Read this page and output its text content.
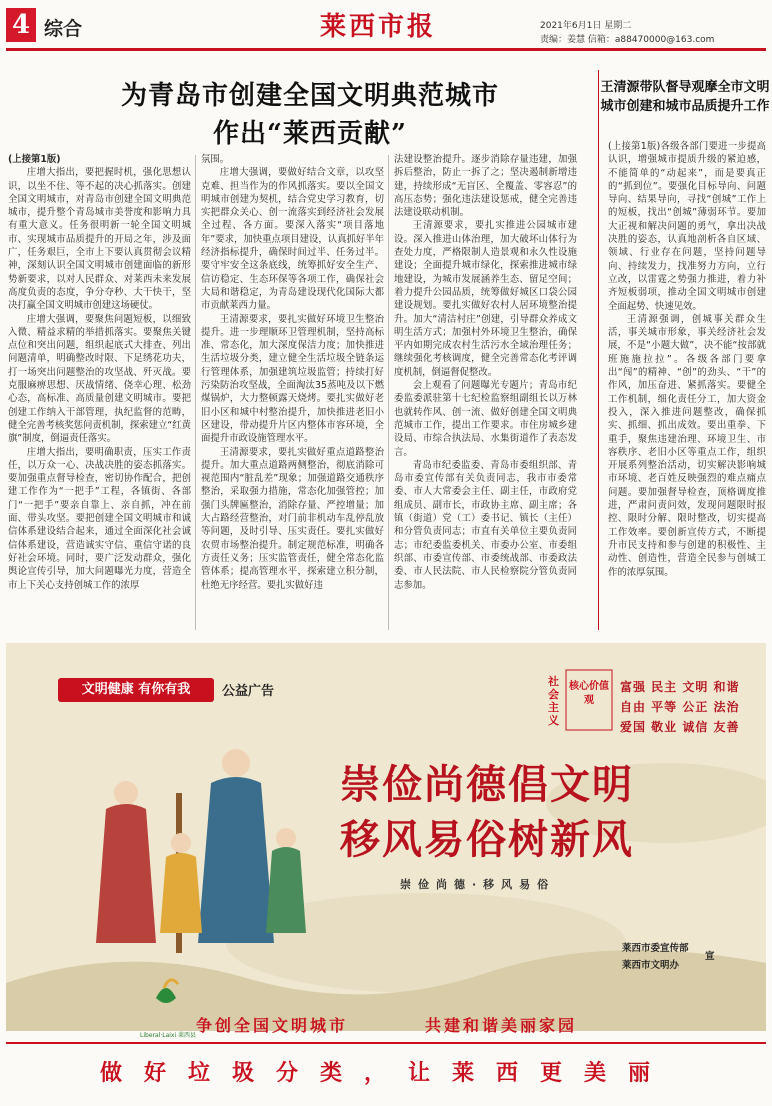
4 综合	莱西市报	2021年6月1日 星期二
责编：姜慧 信箱：a88470000@163.com
为青岛市创建全国文明典范城市
作出“莱西贡献”
王清源带队督导观摩全市文明城市创建和城市品质提升工作

(上接第1版)

庄增大指出，要把握时机，强化思想认识，以坐不住、等不起的决心抓落实。创建全国文明城市，对青岛市创建全国文明典范城市，提升整个青岛城市美誉度和影响力具有重大意义。任务很明新一轮全国文明城市、实现城市品质提升的开局之年，涉及面广，任务艰巨，全市上下要认真贯彻会议精神，深刻认识全国文明城市创建面临的新形势新要求，以对人民群众、对莱西未来发展高度负责的态度，争分夺秒、大干快干，坚决打赢全国文明城市创建这场硬仗。

庄增大强调，要聚焦问题短板，以细致入微、精益求精的举措抓落实。要聚焦关键点位和突出问题，组织起底式大排查、列出问题清单，明确整改时限、下足绣花功夫，打一场突出问题整治的攻坚战、歼灭战。要克服麻痹思想、厌战情绪、侥幸心理、松劲心态，高标准、高质量创建文明城市。要把创建工作纳入干部管理，执纪监督的范畴，健全完善考核奖惩问责机制，探索建立“红黄旗”制度，倒逼责任落实。

庄增大指出，要明确职责，压实工作责任，以万众一心、决战决胜的姿态抓落实。要加强重点督导检查，密切协作配合，把创建工作作为“一把手”工程，各镇街、各部门“一把手”要亲自靠上、亲自抓，冲在前面、带头攻坚。要把创建全国文明城市和诚信体系建设结合起来，通过全面深化社会诚信体系建设，营造诚实守信、重信守诺的良好社会环境。同时，要广泛发动群众，强化舆论宣传引导，加大问题曝光力度，营造全市上下关心支持创城工作的浓厚

氛围。

庄增大强调，要做好结合文章，以攻坚克难、担当作为的作风抓落实。要以全国文明城市创建为契机，结合党史学习教育，切实把群众关心、创一流落实到经济社会发展全过程、各方面。要深入落实“项目落地年”要求，加快重点项目建设，认真抓好半年经济指标提升，确保时间过半、任务过半。要守牢安全这条底线，统筹抓好安全生产、信访稳定、生态环保等各项工作，确保社会大局和谐稳定，为青岛建设现代化国际大都市贡献莱西力量。

王清源要求，要扎实做好环境卫生整治提升。进一步理顺环卫管理机制，坚持高标准、常态化，加大深度保洁力度；加快推进生活垃圾分类，建立健全生活垃圾全链条运行管理体系，加强建筑垃圾监管；持续打好污染防治攻坚战，全面淘汰35蒸吨及以下燃煤锅炉，大力整顿露天烧烤。要扎实做好老旧小区和城中村整治提升，加快推进老旧小区建设，带动提升片区内整体市容环境，全面提升市政设施管理水平。

王清源要求，要扎实做好重点道路整治提升。加大重点道路两侧整治，彻底消除可视范围内“脏乱差”现象；加强道路交通秩序整治，采取强力措施，常态化加强管控；加强门头牌匾整治，消除存量、严控增量；加大占路经营整治，对门前非机动车乱停乱放等问题，及时引导、压实责任。要扎实做好农贸市场整治提升。制定规范标准，明确各方责任义务；压实监管责任，健全常态化监管体系；提高管理水平，探索建立积分制，杜绝无序经营。要扎实做好违

法建设整治提升。逐步消除存量违建，加强拆后整治，防止一拆了之；坚决遏制新增违建，持续形成“无盲区、全覆盖、零容忍”的高压态势；强化违法建设惩戒，健全完善违法建设联动机制。

王清源要求，要扎实推进公园城市建设。深入推进山体治理，加大破坏山体行为查处力度，严格限制人造景观和永久性设施建设；全面提升城市绿化，探索推进城市绿地建设，为城市发展涵养生态、留足空间；着力提升公园品质，统筹做好城区口袋公园建设规划。要扎实做好农村人居环境整治提升。加大“清洁村庄”创建，引导群众养成文明生活方式；加强村外环境卫生整治，确保平内如期完成农村生活污水全域治理任务；继续强化考核调度，健全完善常态化考评调度机制，倒逼督促整改。

会上观看了问题曝光专题片；青岛市纪委监委派驻第十七纪检监察组副组长以万林也就转作风、创一流、做好创建全国文明典范城市工作，提出工作要求。市住房城乡建设局、市综合执法局、水集街道作了表态发言。

青岛市纪委监委、青岛市委组织部、青岛市委宣传部有关负责同志，我市市委常委、市人大常委会主任、副主任，市政府党组成员、副市长，市政协主席、副主席；各镇（街道）党（工）委书记、镇长（主任）和分管负责同志；市直有关单位主要负责同志；市纪委监委机关、市委办公室、市委组织部、市委宣传部、市委统战部、市委政法委、市人民法院、市人民检察院分管负责同志参加。

(上接第1版)各级各部门要进一步提高认识，增强城市提质升级的紧迫感，不能简单的“动起来”，而是要真正的“抓到位”。要强化目标导向、问题导向、结果导向，寻找“创城”工作上的短板，找出“创城”薄弱环节。要加大正视和解决问题的勇气，拿出决战决胜的姿态，认真地剖析各自区域、领域、行业存在问题，坚持问题导向、持续发力，找准努力方向，立行立改，以雷霆之势强力推进，着力补齐短板弱项，推动全国文明城市创建全面起势、快速见效。

王清源强调，创城事关群众生活，事关城市形象，事关经济社会发展，不是“小题大做”，决不能“按部就班施施拉拉”。各级各部门要拿出“闯”的精神、“创”的劲头、“干”的作风，加压奋进、紧抓落实。要健全工作机制，细化责任分工，加大资金投入，深入推进问题整改，确保抓实、抓细、抓出成效。要出重拳、下重手，聚焦违建治理、环境卫生、市容秩序、老旧小区等重点工作，组织开展系列整治活动，切实解决影响城市环境、老百姓反映强烈的难点痛点问题。要加强督导检查，顶格调度推进，严肃问责问效，发现问题限时报控、限时分解、限时整改，切实提高工作效率。要创新宣传方式，不断提升市民支持和参与创建的积极性、主动性、创造性，营造全民参与创城工作的浓厚氛围。

文明健康 有你有我	公益广告
社会主义
核心价值观
富强 民主 文明 和谐
自由 平等 公正 法治
爱国 敬业 诚信 友善
崇俭尚德倡文明
移风易俗树新风
崇俭尚德·移风易俗
莱西市委宣传部
莱西市文明办
宣
Liberal·Laixi 莱西县
争创全国文明城市	共建和谐美丽家园
做好垃圾分类，让莱西更美丽
